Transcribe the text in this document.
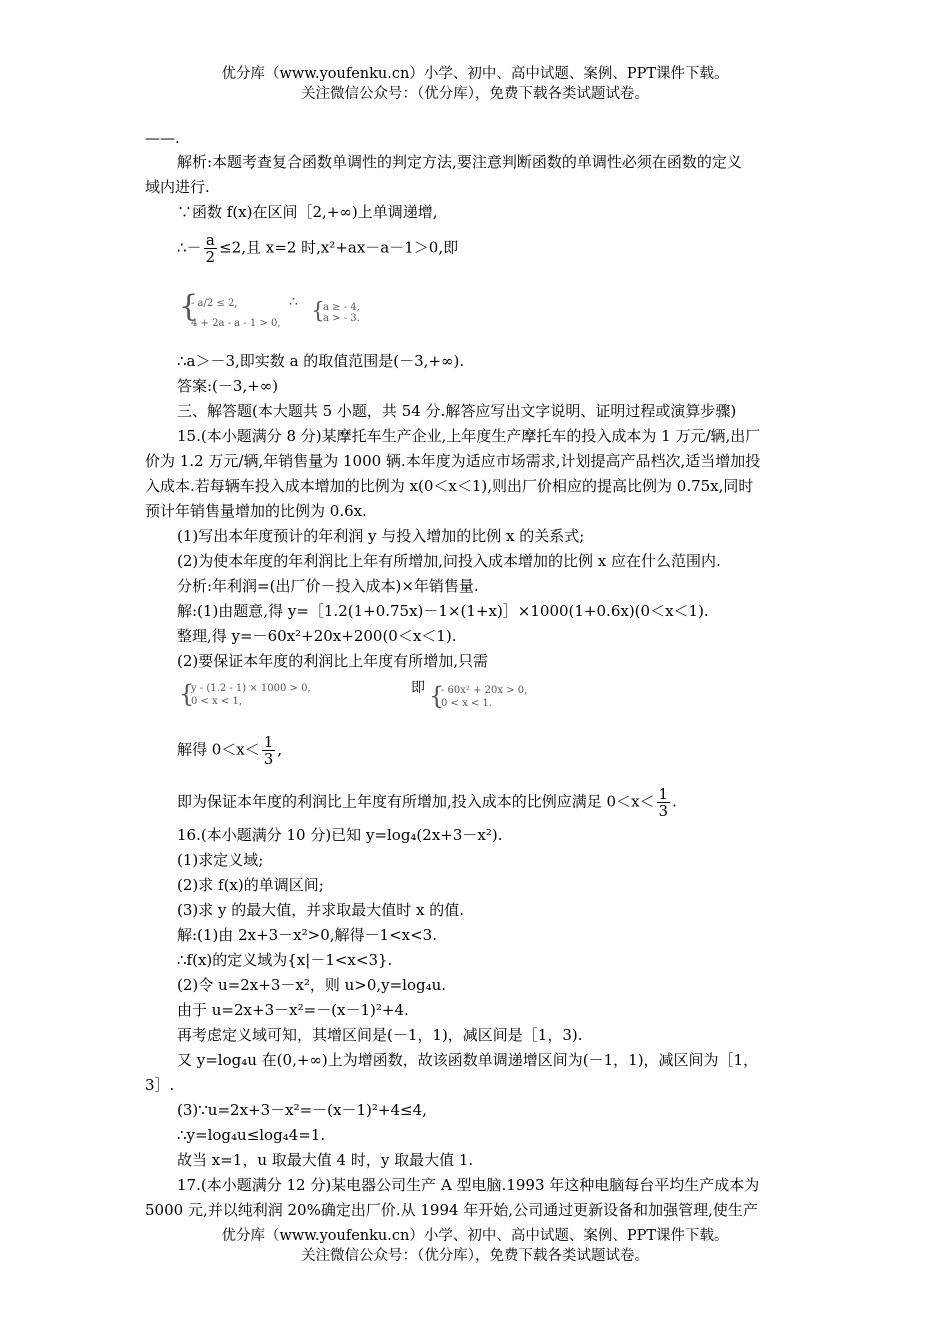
优分库（www.youfenku.cn）小学、初中、高中试题、案例、PPT课件下载。
关注微信公众号：（优分库），免费下载各类试题试卷。
——.
解析:本题考查复合函数单调性的判定方法,要注意判断函数的单调性必须在函数的定义
域内进行.
∵函数 f(x)在区间［2,+∞)上单调递增,
∴－ $\frac{a}{2} \le 2$,且 x=2 时,x²+ax－a－1＞0,即
{
- a/2 ≤ 2,
4 + 2a - a - 1 > 0,
∴ {
a ≥ - 4,
a > - 3.
∴a＞－3,即实数 a 的取值范围是(－3,+∞).
答案:(－3,+∞)
三、解答题(本大题共 5 小题，共 54 分.解答应写出文字说明、证明过程或演算步骤)
15.(本小题满分 8 分)某摩托车生产企业,上年度生产摩托车的投入成本为 1 万元/辆,出厂
价为 1.2 万元/辆,年销售量为 1000 辆.本年度为适应市场需求,计划提高产品档次,适当增加投
入成本.若每辆车投入成本增加的比例为 x(0＜x＜1),则出厂价相应的提高比例为 0.75x,同时
预计年销售量增加的比例为 0.6x.
(1)写出本年度预计的年利润 y 与投入增加的比例 x 的关系式;
(2)为使本年度的年利润比上年有所增加,问投入成本增加的比例 x 应在什么范围内.
分析:年利润=(出厂价－投入成本)×年销售量.
解:(1)由题意,得 y=［1.2(1+0.75x)－1×(1+x)］×1000(1+0.6x)(0＜x＜1).
整理,得 y=－60x²+20x+200(0＜x＜1).
(2)要保证本年度的利润比上年度有所增加,只需
{
y - (1.2 - 1) × 1000 > 0,
0 < x < 1,
即 {
- 60x² + 20x > 0,
0 < x < 1.
解得 $0<x< \frac{1}{3}$ ,
即为保证本年度的利润比上年度有所增加,投入成本的比例应满足 $0<x< \frac{1}{3}$ .
16.(本小题满分 10 分)已知 y=log₄(2x+3－x²).
(1)求定义域;
(2)求 f(x)的单调区间;
(3)求 y 的最大值，并求取最大值时 x 的值.
解:(1)由 2x+3－x²>0,解得－1<x<3.
∴f(x)的定义域为{x|－1<x<3}.
(2)令 u=2x+3－x²，则 u>0,y=log₄u.
由于 u=2x+3－x²=－(x－1)²+4.
再考虑定义域可知，其增区间是(－1，1)，减区间是［1，3).
又 y=log₄u 在(0,+∞)上为增函数，故该函数单调递增区间为(－1，1)，减区间为［1，
3］.
(3)∵u=2x+3－x²=－(x－1)²+4≤4,
∴y=log₄u≤log₄4=1.
故当 x=1，u 取最大值 4 时，y 取最大值 1.
17.(本小题满分 12 分)某电器公司生产 A 型电脑.1993 年这种电脑每台平均生产成本为
5000 元,并以纯利润 20%确定出厂价.从 1994 年开始,公司通过更新设备和加强管理,使生产
优分库（www.youfenku.cn）小学、初中、高中试题、案例、PPT课件下载。
关注微信公众号：（优分库），免费下载各类试题试卷。
